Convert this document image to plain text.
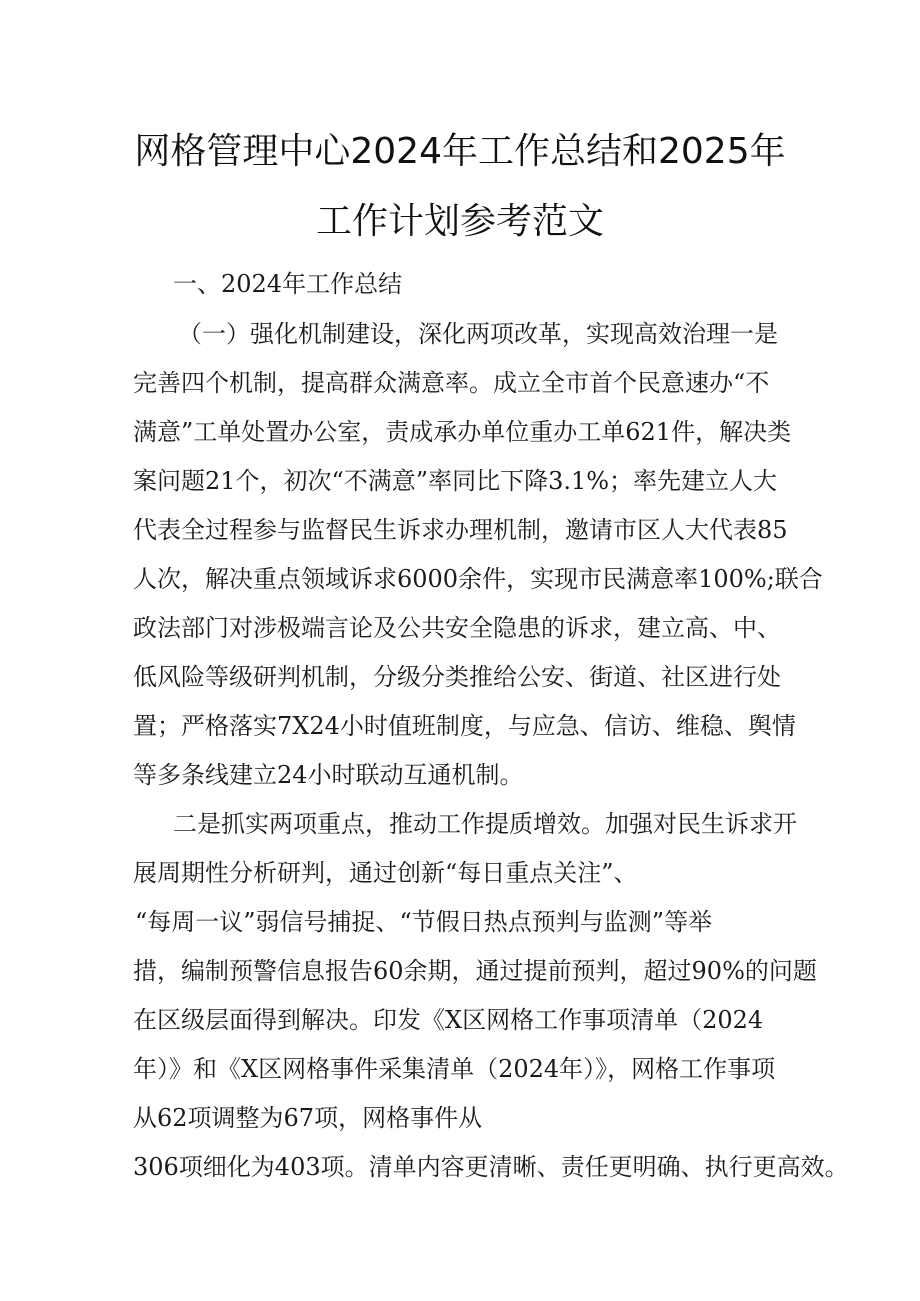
网格管理中心2024年工作总结和2025年
工作计划参考范文
一、2024年工作总结
（一）强化机制建设，深化两项改革，实现高效治理一是
完善四个机制，提高群众满意率。成立全市首个民意速办“不
满意”工单处置办公室，责成承办单位重办工单621件，解决类
案问题21个，初次“不满意”率同比下降3.1%；率先建立人大
代表全过程参与监督民生诉求办理机制，邀请市区人大代表85
人次，解决重点领域诉求6000余件，实现市民满意率100%;联合
政法部门对涉极端言论及公共安全隐患的诉求，建立高、中、
低风险等级研判机制，分级分类推给公安、街道、社区进行处
置；严格落实7X24小时值班制度，与应急、信访、维稳、舆情
等多条线建立24小时联动互通机制。
二是抓实两项重点，推动工作提质增效。加强对民生诉求开
展周期性分析研判，通过创新“每日重点关注”、
“每周一议”弱信号捕捉、“节假日热点预判与监测”等举
措，编制预警信息报告60余期，通过提前预判，超过90%的问题
在区级层面得到解决。印发《X区网格工作事项清单（2024
年）》和《X区网格事件采集清单（2024年）》，网格工作事项
从62项调整为67项，网格事件从
306项细化为403项。清单内容更清晰、责任更明确、执行更高效。
